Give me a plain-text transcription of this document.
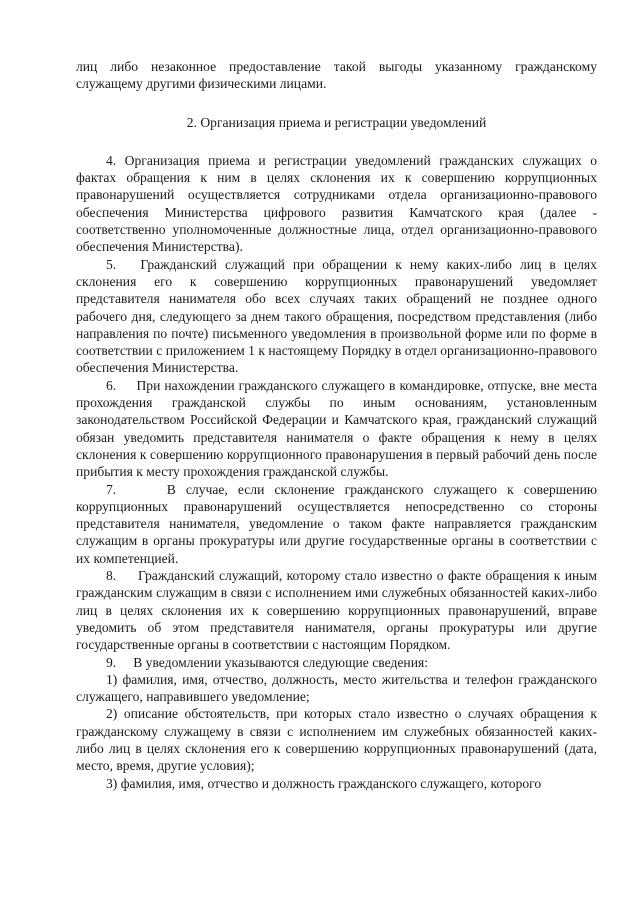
лиц либо незаконное предоставление такой выгоды указанному гражданскому служащему другими физическими лицами.

2. Организация приема и регистрации уведомлений

4. Организация приема и регистрации уведомлений гражданских служащих о фактах обращения к ним в целях склонения их к совершению коррупционных правонарушений осуществляется сотрудниками отдела организационно-правового обеспечения Министерства цифрового развития Камчатского края (далее - соответственно уполномоченные должностные лица, отдел организационно-правового обеспечения Министерства).

5. Гражданский служащий при обращении к нему каких-либо лиц в целях склонения его к совершению коррупционных правонарушений уведомляет представителя нанимателя обо всех случаях таких обращений не позднее одного рабочего дня, следующего за днем такого обращения, посредством представления (либо направления по почте) письменного уведомления в произвольной форме или по форме в соответствии с приложением 1 к настоящему Порядку в отдел организационно-правового обеспечения Министерства.

6. При нахождении гражданского служащего в командировке, отпуске, вне места прохождения гражданской службы по иным основаниям, установленным законодательством Российской Федерации и Камчатского края, гражданский служащий обязан уведомить представителя нанимателя о факте обращения к нему в целях склонения к совершению коррупционного правонарушения в первый рабочий день после прибытия к месту прохождения гражданской службы.

7.	В случае, если склонение гражданского служащего к совершению коррупционных правонарушений осуществляется непосредственно со стороны представителя нанимателя, уведомление о таком факте направляется гражданским служащим в органы прокуратуры или другие государственные органы в соответствии с их компетенцией.

8. Гражданский служащий, которому стало известно о факте обращения к иным гражданским служащим в связи с исполнением ими служебных обязанностей каких-либо лиц в целях склонения их к совершению коррупционных правонарушений, вправе уведомить об этом представителя нанимателя, органы прокуратуры или другие государственные органы в соответствии с настоящим Порядком.

9. В уведомлении указываются следующие сведения:

1) фамилия, имя, отчество, должность, место жительства и телефон гражданского служащего, направившего уведомление;

2) описание обстоятельств, при которых стало известно о случаях обращения к гражданскому служащему в связи с исполнением им служебных обязанностей каких-либо лиц в целях склонения его к совершению коррупционных правонарушений (дата, место, время, другие условия);

3) фамилия, имя, отчество и должность гражданского служащего, которого
